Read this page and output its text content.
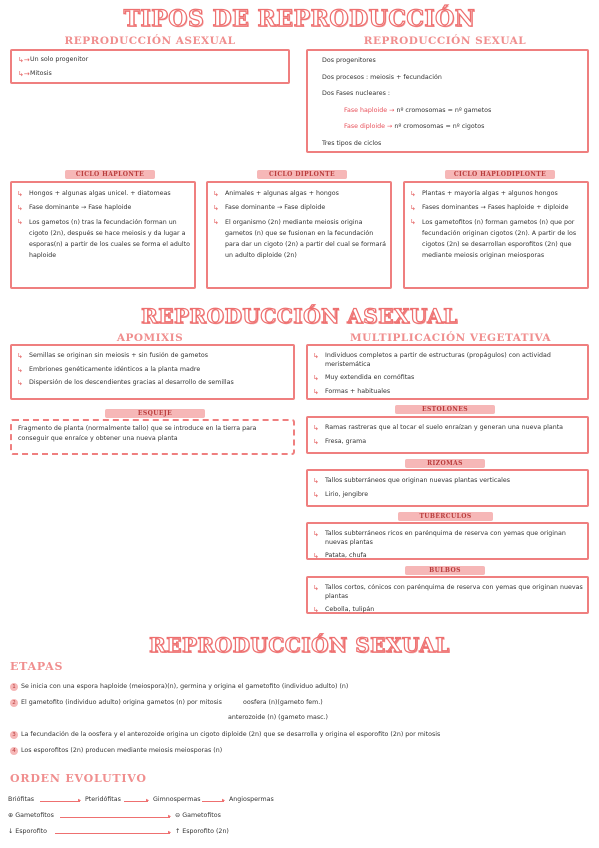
TIPOS DE REPRODUCCIÓN
REPRODUCCIÓN ASEXUAL	REPRODUCCIÓN SEXUAL
↳→ Un solo progenitor
↳→ Mitosis
Dos progenitores
Dos procesos : meiosis + fecundación
Dos Fases nucleares :
Fase haploide → nº cromosomas = nº gametos
Fase diploide → nº cromosomas = nº cigotos
Tres tipos de ciclos
CICLO HAPLONTE	CICLO DIPLONTE	CICLO HAPLODIPLONTE
↳ Hongos + algunas algas unicel. + diatomeas
↳ Fase dominante → Fase haploide
↳ Los gametos (n) tras la fecundación forman un cigoto (2n), después se hace meiosis y da lugar a esporas(n) a partir de los cuales se forma el adulto haploide
↳ Animales + algunas algas + hongos
↳ Fase dominante → Fase diploide
↳ El organismo (2n) mediante meiosis origina gametos (n) que se fusionan en la fecundación para dar un cigoto (2n) a partir del cual se formará un adulto diploide (2n)
↳ Plantas + mayoría algas + algunos hongos
↳ Fases dominantes → Fases haploide + diploide
↳ Los gametofitos (n) forman gametos (n) que por fecundación originan cigotos (2n). A partir de los cigotos (2n) se desarrollan esporofitos (2n) que mediante meiosis originan meiosporas
REPRODUCCIÓN ASEXUAL
APOMIXIS
↳ Semillas se originan sin meiosis + sin fusión de gametos
↳ Embriones genéticamente idénticos a la planta madre
↳ Dispersión de los descendientes gracias al desarrollo de semillas
ESQUEJE
Fragmento de planta (normalmente tallo) que se introduce en la tierra para conseguir que enraíce y obtener una nueva planta
MULTIPLICACIÓN VEGETATIVA
↳ Individuos completos a partir de estructuras (propágulos) con actividad meristemática
↳ Muy extendida en comófitas
↳ Formas + habituales
ESTOLONES
↳ Ramas rastreras que al tocar el suelo enraízan y generan una nueva planta
↳ Fresa, grama
RIZOMAS
↳ Tallos subterráneos que originan nuevas plantas verticales
↳ Lirio, jengibre
TUBÉRCULOS
↳ Tallos subterráneos ricos en parénquima de reserva con yemas que originan nuevas plantas
↳ Patata, chufa
BULBOS
↳ Tallos cortos, cónicos con parénquima de reserva con yemas que originan nuevas plantas
↳ Cebolla, tulipán
REPRODUCCIÓN SEXUAL
ETAPAS
1 Se inicia con una espora haploide (meiospora)(n), germina y origina el gametofito (individuo adulto) (n)
2 El gametofito (individuo adulto) origina gametos (n) por mitosis	oosfera (n)(gameto fem.)
anterozoide (n) (gameto masc.)
3 La fecundación de la oosfera y el anterozoide origina un cigoto diploide (2n) que se desarrolla y origina el esporofito (2n) por mitosis
4 Los esporofitos (2n) producen mediante meiosis meiosporas (n)
ORDEN EVOLUTIVO
Briófitas	▸ Pteridófitas	▸ Gimnospermas	▸ Angiospermas
⊕ Gametofitos	▸ ⊖ Gametofitos
↓ Esporofito	▸ ↑ Esporofito (2n)
